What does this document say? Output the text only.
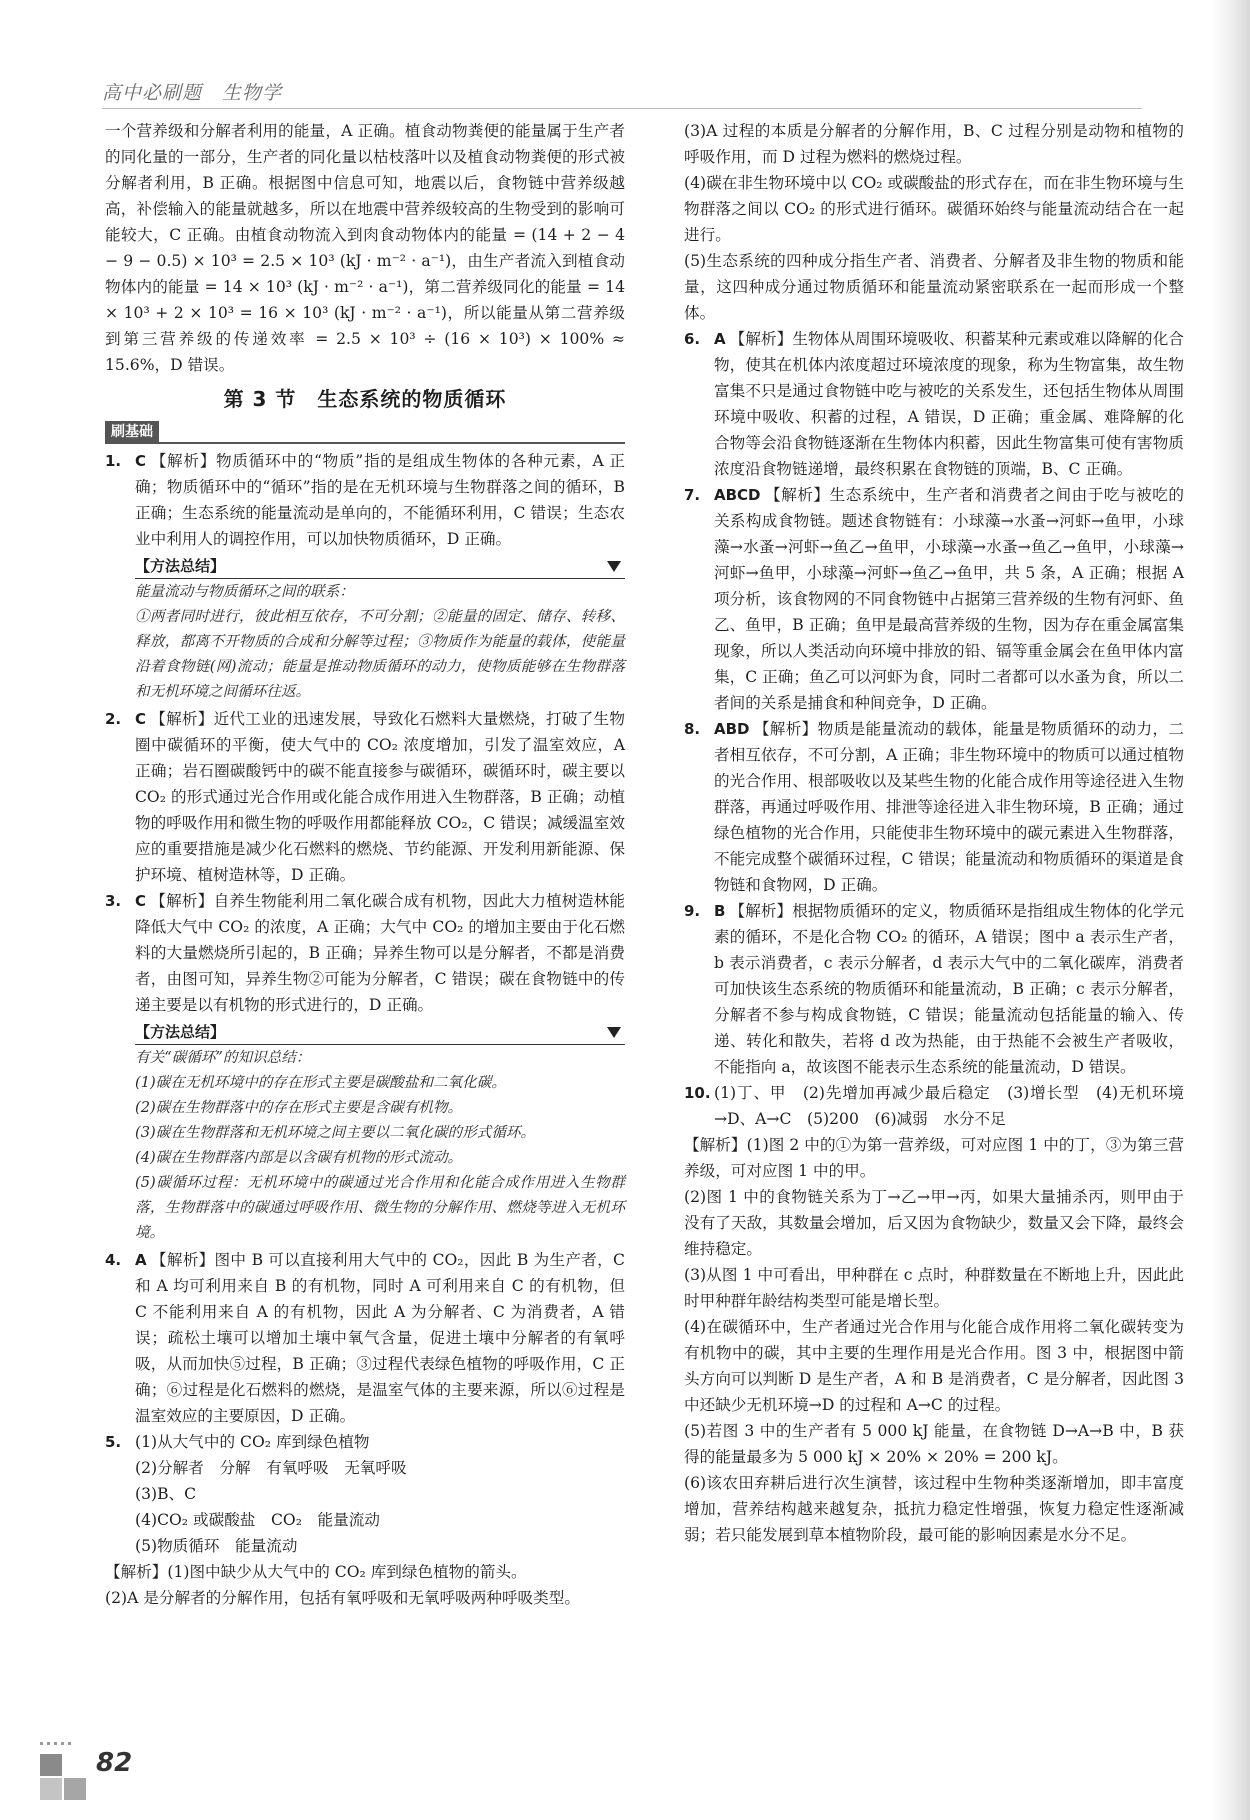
高中必刷题　生物学

一个营养级和分解者利用的能量，A 正确。植食动物粪便的能量属于生产者的同化量的一部分，生产者的同化量以枯枝落叶以及植食动物粪便的形式被分解者利用，B 正确。根据图中信息可知，地震以后，食物链中营养级越高，补偿输入的能量就越多，所以在地震中营养级较高的生物受到的影响可能较大，C 正确。由植食动物流入到肉食动物体内的能量 = (14 + 2 − 4 − 9 − 0.5) × 10³ = 2.5 × 10³ (kJ · m⁻² · a⁻¹)，由生产者流入到植食动物体内的能量 = 14 × 10³ (kJ · m⁻² · a⁻¹)，第二营养级同化的能量 = 14 × 10³ + 2 × 10³ = 16 × 10³ (kJ · m⁻² · a⁻¹)，所以能量从第二营养级到第三营养级的传递效率 = 2.5 × 10³ ÷ (16 × 10³) × 100% ≈ 15.6%，D 错误。

第 3 节　生态系统的物质循环
刷基础

1. C 【解析】物质循环中的“物质”指的是组成生物体的各种元素，A 正确；物质循环中的“循环”指的是在无机环境与生物群落之间的循环，B 正确；生态系统的能量流动是单向的，不能循环利用，C 错误；生态农业中利用人的调控作用，可以加快物质循环，D 正确。

【方法总结】

能量流动与物质循环之间的联系：
①两者同时进行，彼此相互依存，不可分割；②能量的固定、储存、转移、释放，都离不开物质的合成和分解等过程；③物质作为能量的载体，使能量沿着食物链(网)流动；能量是推动物质循环的动力，使物质能够在生物群落和无机环境之间循环往返。

2. C 【解析】近代工业的迅速发展，导致化石燃料大量燃烧，打破了生物圈中碳循环的平衡，使大气中的 CO₂ 浓度增加，引发了温室效应，A 正确；岩石圈碳酸钙中的碳不能直接参与碳循环，碳循环时，碳主要以 CO₂ 的形式通过光合作用或化能合成作用进入生物群落，B 正确；动植物的呼吸作用和微生物的呼吸作用都能释放 CO₂，C 错误；减缓温室效应的重要措施是减少化石燃料的燃烧、节约能源、开发利用新能源、保护环境、植树造林等，D 正确。

3. C 【解析】自养生物能利用二氧化碳合成有机物，因此大力植树造林能降低大气中 CO₂ 的浓度，A 正确；大气中 CO₂ 的增加主要由于化石燃料的大量燃烧所引起的，B 正确；异养生物可以是分解者，不都是消费者，由图可知，异养生物②可能为分解者，C 错误；碳在食物链中的传递主要是以有机物的形式进行的，D 正确。

【方法总结】

有关“碳循环”的知识总结：
(1)碳在无机环境中的存在形式主要是碳酸盐和二氧化碳。
(2)碳在生物群落中的存在形式主要是含碳有机物。
(3)碳在生物群落和无机环境之间主要以二氧化碳的形式循环。
(4)碳在生物群落内部是以含碳有机物的形式流动。
(5)碳循环过程：无机环境中的碳通过光合作用和化能合成作用进入生物群落，生物群落中的碳通过呼吸作用、微生物的分解作用、燃烧等进入无机环境。

4. A 【解析】图中 B 可以直接利用大气中的 CO₂，因此 B 为生产者，C 和 A 均可利用来自 B 的有机物，同时 A 可利用来自 C 的有机物，但 C 不能利用来自 A 的有机物，因此 A 为分解者、C 为消费者，A 错误；疏松土壤可以增加土壤中氧气含量，促进土壤中分解者的有氧呼吸，从而加快⑤过程，B 正确；③过程代表绿色植物的呼吸作用，C 正确；⑥过程是化石燃料的燃烧，是温室气体的主要来源，所以⑥过程是温室效应的主要原因，D 正确。

5. (1)从大气中的 CO₂ 库到绿色植物

(2)分解者　分解　有氧呼吸　无氧呼吸

(3)B、C

(4)CO₂ 或碳酸盐　CO₂　能量流动

(5)物质循环　能量流动

【解析】(1)图中缺少从大气中的 CO₂ 库到绿色植物的箭头。

(2)A 是分解者的分解作用，包括有氧呼吸和无氧呼吸两种呼吸类型。

(3)A 过程的本质是分解者的分解作用，B、C 过程分别是动物和植物的呼吸作用，而 D 过程为燃料的燃烧过程。

(4)碳在非生物环境中以 CO₂ 或碳酸盐的形式存在，而在非生物环境与生物群落之间以 CO₂ 的形式进行循环。碳循环始终与能量流动结合在一起进行。

(5)生态系统的四种成分指生产者、消费者、分解者及非生物的物质和能量，这四种成分通过物质循环和能量流动紧密联系在一起而形成一个整体。

6. A 【解析】生物体从周围环境吸收、积蓄某种元素或难以降解的化合物，使其在机体内浓度超过环境浓度的现象，称为生物富集，故生物富集不只是通过食物链中吃与被吃的关系发生，还包括生物体从周围环境中吸收、积蓄的过程，A 错误，D 正确；重金属、难降解的化合物等会沿食物链逐渐在生物体内积蓄，因此生物富集可使有害物质浓度沿食物链递增，最终积累在食物链的顶端，B、C 正确。

7. ABCD 【解析】生态系统中，生产者和消费者之间由于吃与被吃的关系构成食物链。题述食物链有：小球藻→水蚤→河虾→鱼甲，小球藻→水蚤→河虾→鱼乙→鱼甲，小球藻→水蚤→鱼乙→鱼甲，小球藻→河虾→鱼甲，小球藻→河虾→鱼乙→鱼甲，共 5 条，A 正确；根据 A 项分析，该食物网的不同食物链中占据第三营养级的生物有河虾、鱼乙、鱼甲，B 正确；鱼甲是最高营养级的生物，因为存在重金属富集现象，所以人类活动向环境中排放的铅、镉等重金属会在鱼甲体内富集，C 正确；鱼乙可以河虾为食，同时二者都可以水蚤为食，所以二者间的关系是捕食和种间竞争，D 正确。

8. ABD 【解析】物质是能量流动的载体，能量是物质循环的动力，二者相互依存，不可分割，A 正确；非生物环境中的物质可以通过植物的光合作用、根部吸收以及某些生物的化能合成作用等途径进入生物群落，再通过呼吸作用、排泄等途径进入非生物环境，B 正确；通过绿色植物的光合作用，只能使非生物环境中的碳元素进入生物群落，不能完成整个碳循环过程，C 错误；能量流动和物质循环的渠道是食物链和食物网，D 正确。

9. B 【解析】根据物质循环的定义，物质循环是指组成生物体的化学元素的循环，不是化合物 CO₂ 的循环，A 错误；图中 a 表示生产者，b 表示消费者，c 表示分解者，d 表示大气中的二氧化碳库，消费者可加快该生态系统的物质循环和能量流动，B 正确；c 表示分解者，分解者不参与构成食物链，C 错误；能量流动包括能量的输入、传递、转化和散失，若将 d 改为热能，由于热能不会被生产者吸收，不能指向 a，故该图不能表示生态系统的能量流动，D 错误。

10. (1)丁、甲　(2)先增加再减少最后稳定　(3)增长型　(4)无机环境→D、A→C　(5)200　(6)减弱　水分不足

【解析】(1)图 2 中的①为第一营养级，可对应图 1 中的丁，③为第三营养级，可对应图 1 中的甲。

(2)图 1 中的食物链关系为丁→乙→甲→丙，如果大量捕杀丙，则甲由于没有了天敌，其数量会增加，后又因为食物缺少，数量又会下降，最终会维持稳定。

(3)从图 1 中可看出，甲种群在 c 点时，种群数量在不断地上升，因此此时甲种群年龄结构类型可能是增长型。

(4)在碳循环中，生产者通过光合作用与化能合成作用将二氧化碳转变为有机物中的碳，其中主要的生理作用是光合作用。图 3 中，根据图中箭头方向可以判断 D 是生产者，A 和 B 是消费者，C 是分解者，因此图 3 中还缺少无机环境→D 的过程和 A→C 的过程。

(5)若图 3 中的生产者有 5 000 kJ 能量，在食物链 D→A→B 中，B 获得的能量最多为 5 000 kJ × 20% × 20% = 200 kJ。

(6)该农田弃耕后进行次生演替，该过程中生物种类逐渐增加，即丰富度增加，营养结构越来越复杂，抵抗力稳定性增强，恢复力稳定性逐渐减弱；若只能发展到草本植物阶段，最可能的影响因素是水分不足。

82
